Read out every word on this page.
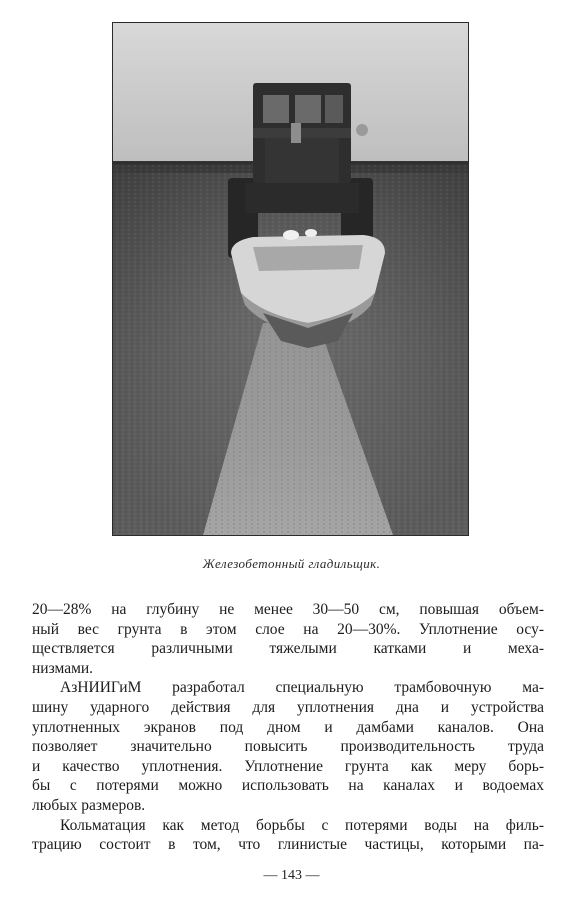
Железобетонный гладильщик.
20—28% на глубину не менее 30—50 см, повышая объем-
ный вес грунта в этом слое на 20—30%. Уплотнение осу-
ществляется различными тяжелыми катками и меха-
низмами.
АзНИИГиМ разработал специальную трамбовочную ма-
шину ударного действия для уплотнения дна и устройства
уплотненных экранов под дном и дамбами каналов. Она
позволяет значительно повысить производительность труда
и качество уплотнения. Уплотнение грунта как меру борь-
бы с потерями можно использовать на каналах и водоемах
любых размеров.
Кольматация как метод борьбы с потерями воды на филь-
трацию состоит в том, что глинистые частицы, которыми па-
— 143 —
